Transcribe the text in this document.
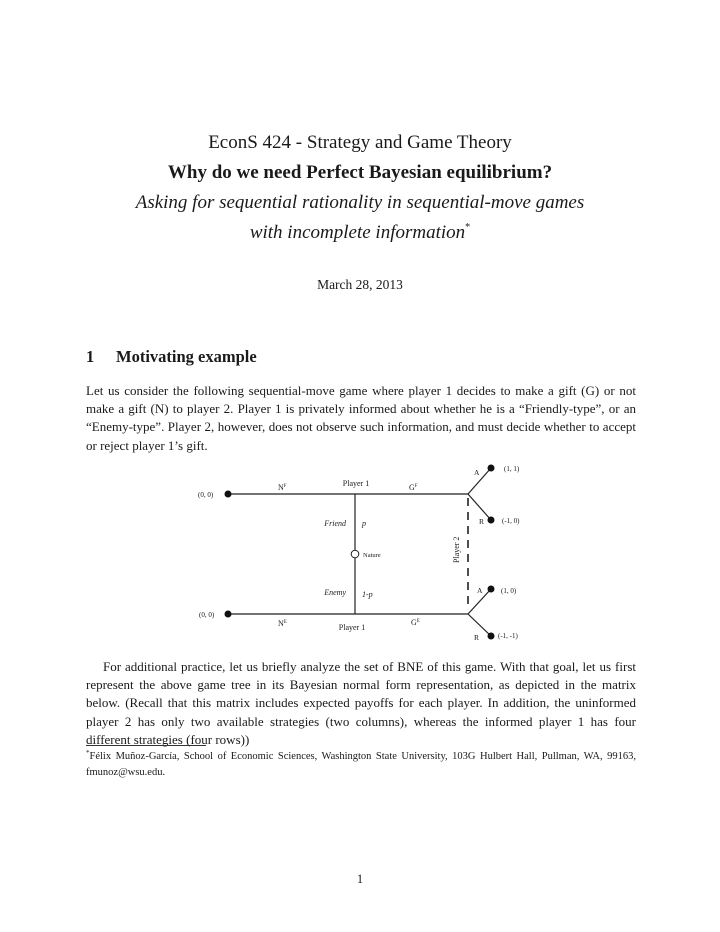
EconS 424 - Strategy and Game Theory
Why do we need Perfect Bayesian equilibrium?
Asking for sequential rationality in sequential-move games
with incomplete information*
March 28, 2013
1 Motivating example
Let us consider the following sequential-move game where player 1 decides to make a gift (G) or not make a gift (N) to player 2. Player 1 is privately informed about whether he is a “Friendly-type”, or an “Enemy-type”. Player 2, however, does not observe such information, and must decide whether to accept or reject player 1’s gift.
Player 1
Player 1
Nature
Friend
Enemy
p
1-p
Player 2
$N^F$	$G^F$
$N^E$	$G^E$
A
R
A
R
(0, 0)
(0, 0)
(1, 1)
(-1, 0)
(1, 0)
(-1, -1)
For additional practice, let us briefly analyze the set of BNE of this game. With that goal, let us first represent the above game tree in its Bayesian normal form representation, as depicted in the matrix below. (Recall that this matrix includes expected payoffs for each player. In addition, the uninformed player 2 has only two available strategies (two columns), whereas the informed player 1 has four different strategies (four rows))
*Félix Muñoz-García, School of Economic Sciences, Washington State University, 103G Hulbert Hall, Pullman, WA, 99163, fmunoz@wsu.edu.
1
